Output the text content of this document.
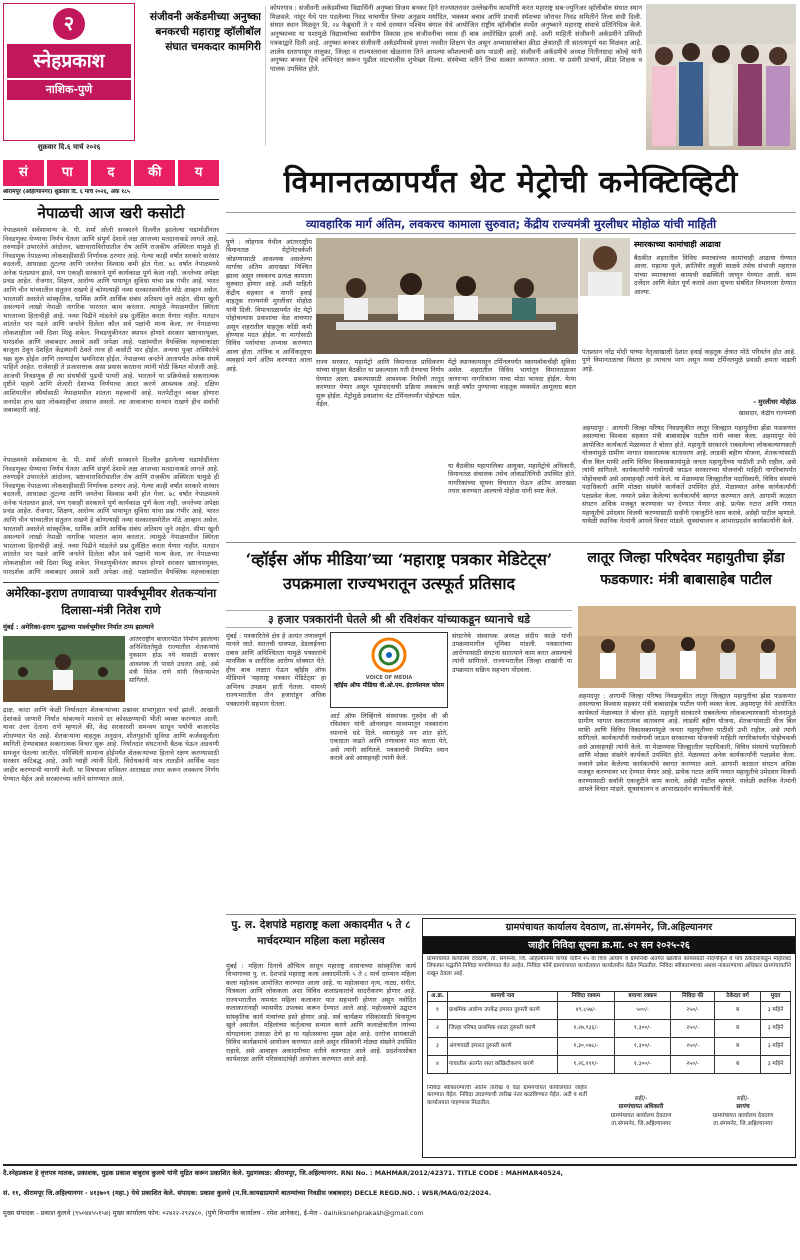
२
स्नेहप्रकाश
नाशिक-पुणे
शुक्रवार दि.६ मार्च २०२६
संजीवनी अकॅडमीच्या अनुष्का बनकरची महाराष्ट्र व्हॉलीबॉल संघात चमकदार कामगिरी
कोपरगाव : संजीवनी अकॅडमीच्या विद्यार्थिनी अनुष्का विजय बनकर हिने राज्यस्तरावर उल्लेखनीय कामगिरी करत महाराष्ट्र सब-ज्युनिअर व्हॉलीबॉल संघात स्थान मिळवले. नांदूर येथे पार पडलेल्या निवड चाचणीत तिच्या अनुक्रम मर्यादित, भक्कम बचाव आणि प्रभावी स्मॅशच्या जोरावर निवड समितीने तिला संधी दिली. संघात स्थान मिळवून दि. २४ फेब्रुवारी ते १ मार्च दरम्यान पश्चिम बंगाल येथे आयोजित राष्ट्रीय व्हॉलीबॉल स्पर्धेत अनुष्काने महाराष्ट्र संघाचे प्रतिनिधित्व केले. अनुष्काच्या या यशामुळे विद्यार्थ्यांच्या सर्वांगीण विकास हाच संजीवनीचा ध्यास ही बाब अधोरेखित झाली आहे. अशी माहिती संजीवनी अकॅडमीने प्रसिध्दी पत्रकाद्वारे दिली आहे. अनुष्का बनकर संजीवनी अकॅडमीमध्ये इयत्ता नववीत शिक्षण घेत असून अभ्यासासोबत क्रीडा क्षेत्रातही ती सातत्यपूर्ण यश मिळवत आहे. शालेय स्तरापासून तालुका, जिल्हा व राज्यस्तरावर खेळताना तिने आपल्या कौशल्याची छाप पाडली आहे. संजीवनी अकॅडमीचे अध्यक्ष नितीनदादा कोल्हे यांनी अनुष्का बनकर हिचे अभिनंदन करून पुढील वाटचालीस शुभेच्छा दिल्या. संस्थेच्या वतीने तिचा सत्कार करण्यात आला. या प्रसंगी प्राचार्य, क्रीडा शिक्षक व पालक उपस्थित होते.
सं	पा	द	की	य
श्रीरामपूर (अहिल्यानगर) शुक्रवार दि. ६ मार्च २०२६, अंक १८५
नेपाळची आज खरी कसोटी
नेपाळमध्ये सर्वसामान्य के. पी. शर्मा ओली सरकारने दिल्लीत झालेल्या घडामोडींनंतर निवडणुका घेण्याचा निर्णय घेतला आणि संपूर्ण देशाचे लक्ष आजच्या मतदानाकडे लागले आहे. तरुणाईने उभारलेले आंदोलन, भ्रष्टाचाराविरोधातील रोष आणि राजकीय अस्थिरता यामुळे ही निवडणूक नेपाळच्या लोकशाहीसाठी निर्णायक ठरणार आहे. गेल्या काही वर्षांत सरकारे वारंवार बदलली, आघाड्या तुटल्या आणि जनतेचा विश्वास कमी होत गेला. ७८ वर्षांत नेपाळमध्ये अनेक पंतप्रधान झाले, पण एकाही सरकारने पूर्ण कार्यकाळ पूर्ण केला नाही. जनतेच्या अपेक्षा प्रचंड आहेत. रोजगार, शिक्षण, आरोग्य आणि पायाभूत सुविधा यांचा प्रश्न गंभीर आहे. भारत आणि चीन यांच्यातील संतुलन राखणे हे कोणत्याही नव्या सरकारसमोरील मोठे आव्हान असेल. भारताशी असलेले सांस्कृतिक, धार्मिक आणि आर्थिक संबंध अतिशय जुने आहेत. सीमा खुली असल्याने लाखो नेपाळी नागरिक भारतात काम करतात. त्यामुळे नेपाळमधील स्थिरता भारताच्या हिताचीही आहे. नव्या पिढीने मांडलेले प्रश्न दुर्लक्षित करता येणार नाहीत. मतदान शांततेत पार पडले आणि जनतेने दिलेला कौल सर्व पक्षांनी मान्य केला, तर नेपाळच्या लोकशाहीला नवी दिशा मिळू शकेल. निवडणुकीनंतर स्थापन होणारे सरकार भ्रष्टाचारमुक्त, पारदर्शक आणि जबाबदार असावे अशी अपेक्षा आहे. पक्षांमधील वैयक्तिक महत्त्वाकांक्षा बाजूला ठेवून देशहित केंद्रस्थानी ठेवले तरच ही कसोटी पार होईल. अन्यथा पुन्हा अस्थिरतेचे चक्र सुरू होईल आणि तरुणाईचा भ्रमनिरास होईल. नेपाळच्या जनतेने आतापर्यंत अनेक संघर्ष पाहिले आहेत. राजेशाही ते प्रजासत्ताक असा प्रवास करताना त्यांनी मोठी किंमत मोजली आहे. आजची निवडणूक ही त्या संघर्षाची पुढची पायरी आहे. भारताने या प्रक्रियेकडे सकारात्मक दृष्टीने पाहणे आणि शेजारी देशाच्या निर्णयाचा आदर करणे आवश्यक आहे. दक्षिण आशियातील स्थैर्यासाठी नेपाळमधील शांतता महत्त्वाची आहे. मतपेटीतून व्यक्त होणारा जनादेश हाच खरा लोकशाहीचा आवाज असतो. त्या आवाजाचा सन्मान राखणे हीच सर्वांची जबाबदारी आहे.
विमानतळापर्यंत थेट मेट्रोची कनेक्टिव्हिटी
व्यावहारिक मार्ग अंतिम, लवकरच कामाला सुरुवात; केंद्रीय राज्यमंत्री मुरलीधर मोहोळ यांची माहिती
पुणे : लोहगाव येथील आंतरराष्ट्रीय विमानतळ मेट्रोनेटवर्कशी जोडण्यासाठी आवश्यक असलेल्या मार्गाचा अंतिम आराखडा निश्चित झाला असून लवकरच प्रत्यक्ष कामाला सुरुवात होणार आहे. अशी माहिती केंद्रीय सहकार व नागरी हवाई वाहतूक राज्यमंत्री मुरलीधर मोहोळ यांनी दिली. विमानतळापर्यंत थेट मेट्रो पोहोचल्यास प्रवाशांचा वेळ वाचणार असून शहरातील वाहतूक कोंडी कमी होण्यास मदत होईल. या मार्गासाठी विविध पर्यायांचा अभ्यास करण्यात आला होता. तांत्रिक व आर्थिकदृष्ट्या व्यवहार्य मार्ग अंतिम करण्यात आला आहे.
राज्य सरकार, महामेट्रो आणि विमानतळ प्राधिकरण यांच्या संयुक्त बैठकीत या प्रकल्पाला गती देण्याचा निर्णय घेण्यात आला. प्रकल्पासाठी आवश्यक निधीची तरतूद करण्यात येणार असून भूसंपादनाची प्रक्रिया लवकरच सुरू होईल. मेट्रोमुळे प्रवाशांना थेट टर्मिनलपर्यंत पोहोचता येईल.
मेट्रो स्थानकापासून टर्मिनलपर्यंत स्कायवॉकचीही सुविधा असेल. शहरातील विविध भागांतून विमानतळावर जाणाऱ्या नागरिकांना याचा मोठा फायदा होईल. येत्या काही वर्षांत पुण्याच्या वाहतूक व्यवस्थेत आमूलाग्र बदल घडेल.
या बैठकीस महापालिका आयुक्त, महामेट्रोचे अधिकारी, विमानतळ संचालक तसेच लोकप्रतिनिधी उपस्थित होते. नागरिकांच्या सूचना विचारात घेऊन अंतिम आराखडा तयार करण्यात आल्याचे मोहोळ यांनी स्पष्ट केले.
स्मारकाच्या कामांचाही आढावा
बैठकीत शहरातील विविध स्मारकांच्या कामांचाही आढावा घेण्यात आला. महात्मा फुले, क्रांतिवीर लहुजी साळवे तसेच संभाजी महाराज यांच्या स्मारकाच्या कामाची सद्यस्थिती जाणून घेण्यात आली. काम दर्जेदार आणि वेळेत पूर्ण करावे अशा सूचना संबंधित विभागाला देण्यात आल्या.
पंतप्रधान नरेंद्र मोदी यांच्या नेतृत्वाखाली देशात हवाई वाहतूक क्षेत्रात मोठे परिवर्तन होत आहे. पुणे विमानतळाचा विस्तार हा त्याचाच भाग असून नव्या टर्मिनलमुळे प्रवासी क्षमता वाढली आहे.
- मुरलीधर मोहोळ
खासदार, केंद्रीय राज्यमंत्री
अहमदपूर : आगामी जिल्हा परिषद निवडणुकीत लातूर जिल्ह्यात महायुतीचा झेंडा फडकणार असल्याचा विश्वास सहकार मंत्री बाबासाहेब पाटील यांनी व्यक्त केला. अहमदपूर येथे आयोजित कार्यकर्ता मेळाव्यात ते बोलत होते. महायुती सरकारने राबवलेल्या लोककल्याणकारी योजनांमुळे ग्रामीण भागात सकारात्मक वातावरण आहे. लाडकी बहीण योजना, शेतकऱ्यांसाठी वीज बिल माफी आणि विविध विकासकामांमुळे जनता महायुतीच्या पाठीशी उभी राहील, असे त्यांनी सांगितले. कार्यकर्त्यांनी गावोगावी जाऊन सरकारच्या योजनांची माहिती नागरिकांपर्यंत पोहोचवावी असे आवाहनही त्यांनी केले. या मेळाव्यास जिल्ह्यातील पदाधिकारी, विविध संस्थांचे पदाधिकारी आणि मोठ्या संख्येने कार्यकर्ते उपस्थित होते. मेळाव्यात अनेक कार्यकर्त्यांनी पक्षप्रवेश केला. नव्याने प्रवेश केलेल्या कार्यकर्त्यांचे स्वागत करण्यात आले. आगामी काळात संघटन अधिक मजबूत करण्यावर भर देण्यात येणार आहे. प्रत्येक गटात आणि गणात महायुतीचे उमेदवार विजयी करण्यासाठी सर्वांनी एकजुटीने काम करावे, असेही पाटील म्हणाले. यावेळी स्थानिक नेत्यांनी आपले विचार मांडले. सूत्रसंचालन व आभारप्रदर्शन कार्यकर्त्यांनी केले.
‘व्हॉईस ऑफ मीडिया’च्या ‘महाराष्ट्र पत्रकार मेडिटेट्स’ उपक्रमाला राज्यभरातून उत्स्फूर्त प्रतिसाद
३ हजार पत्रकारांनी घेतले श्री श्री रविशंकर यांच्याकडून ध्यानाचे धडे
मुंबई : पत्रकारितेचे क्षेत्र हे अत्यंत तणावपूर्ण मानले जाते. सततची धावपळ, डेडलाईनचा दबाव आणि अनिश्चितता यामुळे पत्रकारांचे मानसिक व शारीरिक आरोग्य धोक्यात येते. हीच बाब लक्षात घेऊन व्हॉईस ऑफ मीडियाने ‘महाराष्ट्र पत्रकार मेडिटेट्स’ हा अभिनव उपक्रम हाती घेतला. यामध्ये राज्यभरातील तीन हजारांहून अधिक पत्रकारांनी सहभाग घेतला.
VOICE OF MEDIA
व्हॉईस ऑफ मीडिया वी.ओ.एम. इंटरनॅशनल फोरम
आर्ट ऑफ लिव्हिंगचे संस्थापक गुरुदेव श्री श्री रविशंकर यांनी ऑनलाइन माध्यमातून पत्रकारांना ध्यानाचे धडे दिले. ध्यानामुळे मन शांत होते, एकाग्रता वाढते आणि तणावावर मात करता येते, असे त्यांनी सांगितले. पत्रकारांनी नियमित ध्यान करावे असे आवाहनही त्यांनी केले.
संघटनेचे संस्थापक अध्यक्ष संदीप काळे यांनी उपक्रमामागील भूमिका मांडली. पत्रकारांच्या आरोग्यासाठी संघटना सातत्याने काम करत असल्याचे त्यांनी सांगितले. राज्यभरातील जिल्हा शाखांनी या उपक्रमात सक्रिय सहभाग नोंदवला.
लातूर जिल्हा परिषदेवर महायुतीचा झेंडा फडकणार: मंत्री बाबासाहेब पाटील
अहमदपूर : आगामी जिल्हा परिषद निवडणुकीत लातूर जिल्ह्यात महायुतीचा झेंडा फडकणार असल्याचा विश्वास सहकार मंत्री बाबासाहेब पाटील यांनी व्यक्त केला. अहमदपूर येथे आयोजित कार्यकर्ता मेळाव्यात ते बोलत होते. महायुती सरकारने राबवलेल्या लोककल्याणकारी योजनांमुळे ग्रामीण भागात सकारात्मक वातावरण आहे. लाडकी बहीण योजना, शेतकऱ्यांसाठी वीज बिल माफी आणि विविध विकासकामांमुळे जनता महायुतीच्या पाठीशी उभी राहील, असे त्यांनी सांगितले. कार्यकर्त्यांनी गावोगावी जाऊन सरकारच्या योजनांची माहिती नागरिकांपर्यंत पोहोचवावी असे आवाहनही त्यांनी केले. या मेळाव्यास जिल्ह्यातील पदाधिकारी, विविध संस्थांचे पदाधिकारी आणि मोठ्या संख्येने कार्यकर्ते उपस्थित होते. मेळाव्यात अनेक कार्यकर्त्यांनी पक्षप्रवेश केला. नव्याने प्रवेश केलेल्या कार्यकर्त्यांचे स्वागत करण्यात आले. आगामी काळात संघटन अधिक मजबूत करण्यावर भर देण्यात येणार आहे. प्रत्येक गटात आणि गणात महायुतीचे उमेदवार विजयी करण्यासाठी सर्वांनी एकजुटीने काम करावे, असेही पाटील म्हणाले. यावेळी स्थानिक नेत्यांनी आपले विचार मांडले. सूत्रसंचालन व आभारप्रदर्शन कार्यकर्त्यांनी केले.
नेपाळमध्ये सर्वसामान्य के. पी. शर्मा ओली सरकारने दिल्लीत झालेल्या घडामोडींनंतर निवडणुका घेण्याचा निर्णय घेतला आणि संपूर्ण देशाचे लक्ष आजच्या मतदानाकडे लागले आहे. तरुणाईने उभारलेले आंदोलन, भ्रष्टाचाराविरोधातील रोष आणि राजकीय अस्थिरता यामुळे ही निवडणूक नेपाळच्या लोकशाहीसाठी निर्णायक ठरणार आहे. गेल्या काही वर्षांत सरकारे वारंवार बदलली, आघाड्या तुटल्या आणि जनतेचा विश्वास कमी होत गेला. ७८ वर्षांत नेपाळमध्ये अनेक पंतप्रधान झाले, पण एकाही सरकारने पूर्ण कार्यकाळ पूर्ण केला नाही. जनतेच्या अपेक्षा प्रचंड आहेत. रोजगार, शिक्षण, आरोग्य आणि पायाभूत सुविधा यांचा प्रश्न गंभीर आहे. भारत आणि चीन यांच्यातील संतुलन राखणे हे कोणत्याही नव्या सरकारसमोरील मोठे आव्हान असेल. भारताशी असलेले सांस्कृतिक, धार्मिक आणि आर्थिक संबंध अतिशय जुने आहेत. सीमा खुली असल्याने लाखो नेपाळी नागरिक भारतात काम करतात. त्यामुळे नेपाळमधील स्थिरता भारताच्या हिताचीही आहे. नव्या पिढीने मांडलेले प्रश्न दुर्लक्षित करता येणार नाहीत. मतदान शांततेत पार पडले आणि जनतेने दिलेला कौल सर्व पक्षांनी मान्य केला, तर नेपाळच्या लोकशाहीला नवी दिशा मिळू शकेल. निवडणुकीनंतर स्थापन होणारे सरकार भ्रष्टाचारमुक्त, पारदर्शक आणि जबाबदार असावे अशी अपेक्षा आहे. पक्षांमधील वैयक्तिक महत्त्वाकांक्षा
अमेरिका-इराण तणावाच्या पार्श्वभूमीवर शेतकऱ्यांना दिलासा-मंत्री नितेश राणे
मुंबई : अमेरिका-इराण युद्धाच्या पार्श्वभूमीवर निर्यात ठप्प झाल्याने
आंतरराष्ट्रीय बाजारपेठेत निर्माण झालेल्या अनिश्चिततेमुळे राज्यातील शेतकऱ्यांचे नुकसान होऊ नये यासाठी सरकार आवश्यक ती पावले उचलत आहे, असे मंत्री नितेश राणे यांनी विधानसभेत सांगितले.
द्राक्ष, कांदा आणि केळी निर्यातदार शेतकऱ्यांच्या प्रश्नावर सभागृहात चर्चा झाली. आखाती देशांकडे जाणारी निर्यात थांबल्याने मालाचे दर कोसळण्याची भीती व्यक्त करण्यात आली. यावर उत्तर देताना राणे म्हणाले की, केंद्र सरकारशी समन्वय साधून पर्यायी बाजारपेठ शोधण्यात येत आहे. शेतकऱ्यांना वाहतूक अनुदान, शीतगृहांची सुविधा आणि कर्जवसुलीला स्थगिती देण्याबाबत सकारात्मक विचार सुरू आहे. निर्यातदार संघटनांची बैठक घेऊन अडचणी समजून घेतल्या जातील. परिस्थिती सामान्य होईपर्यंत शेतकऱ्यांच्या हिताचे रक्षण करण्यासाठी सरकार कटिबद्ध आहे, अशी ग्वाही त्यांनी दिली. विरोधकांनी मात्र तातडीने आर्थिक मदत जाहीर करण्याची मागणी केली. या विषयावर सविस्तर आराखडा तयार करून लवकरच निर्णय घेण्यात येईल असे सरकारच्या वतीने सांगण्यात आले.
पु. ल. देशपांडे महाराष्ट्र कला अकादमीत ५ ते ८ मार्चदरम्यान महिला कला महोत्सव
मुंबई : महिला दिनाचे औचित्य साधून महाराष्ट्र शासनाच्या सांस्कृतिक कार्य विभागाच्या पु. ल. देशपांडे महाराष्ट्र कला अकादमीतर्फे ५ ते ८ मार्च दरम्यान महिला कला महोत्सव आयोजित करण्यात आला आहे. या महोत्सवात नृत्य, नाट्य, संगीत, चित्रकला आणि लोककला अशा विविध कलाप्रकारांचे सादरीकरण होणार आहे. राज्यभरातील नामवंत महिला कलाकार यात सहभागी होणार असून नवोदित कलाकारांनाही व्यासपीठ उपलब्ध करून देण्यात आले आहे. महोत्सवाचे उद्घाटन सांस्कृतिक कार्य मंत्र्यांच्या हस्ते होणार आहे. सर्व कार्यक्रम रसिकांसाठी विनामूल्य खुले असतील. महिलांच्या कर्तृत्वाचा सन्मान करणे आणि कलाक्षेत्रातील त्यांच्या योगदानाला उजाळा देणे हा या महोत्सवाचा मुख्य उद्देश आहे. दररोज सायंकाळी विविध कार्यक्रमांचे आयोजन करण्यात आले असून रसिकांनी मोठ्या संख्येने उपस्थित राहावे, असे आवाहन अकादमीच्या वतीने करण्यात आले आहे. प्रदर्शनासोबत कार्यशाळा आणि परिसंवादांचेही आयोजन करण्यात आले आहे.
ग्रामपंचायत कार्यालय देवठाण, ता.संगमनेर, जि.अहिल्यानगर
जाहीर निविदा सूचना क्र.मा. ०२ सन २०२५-२६
ग्रामपंचायत कार्यालय देवठाण, ता. संगमनेर, जि. अहिल्यानगर यांच्या वतीने १५ वा वित्त आयोग व ग्रामनिधी अंतर्गत खालील कामांसाठी नोंदणीकृत व पात्र ठेकेदारांकडून मोहोरबंद लिफाफा पद्धतीने निविदा मागविण्यात येत आहेत. निविदा फॉर्म ग्रामपंचायत कार्यालयात कार्यालयीन वेळेत मिळतील. निविदा स्वीकारण्याचा अथवा नाकारण्याचा अधिकार ग्रामपंचायतीने राखून ठेवला आहे.
अ.क्र.	कामाचे नाव	निविदा रक्कम	बयाणा रक्कम	निविदा फी	ठेकेदार वर्ग	मुदत
१	प्राथमिक आरोग्य उपकेंद्र इमारत दुरुस्ती करणे	४९,८५७/-	५००/-	२५०/-	ब	३ महिने
२	जिल्हा परिषद प्राथमिक शाळा दुरुस्ती करणे	१,२७,९३६/-	१,३००/-	२५०/-	ब	३ महिने
३	अंगणवाडी इमारत दुरुस्ती करणे	१,३०,०७८/-	१,३००/-	२५०/-	ब	३ महिने
४	गावातील अंतर्गत रस्ता काँक्रिटीकरण करणे	१,२६,१११/-	१,३००/-	२५०/-	ब	३ महिने
निविदा स्वीकारण्याची अंतिम तारीख व वेळ ग्रामपंचायत कार्यालयात जाहीर करण्यात येईल. निविदा उघडण्याची तारीख नंतर कळविण्यात येईल. अटी व शर्ती कार्यालयात पाहण्यास मिळतील.
सही/-
ग्रामपंचायत अधिकारी
ग्रामपंचायत कार्यालय देवठाण
ता.संगमनेर, जि.अहिल्यानगर
सही/-
सरपंच
ग्रामपंचायत कार्यालय देवठाण
ता.संगमनेर, जि.अहिल्यानगर
दै.स्नेहप्रकाश हे वृत्तपत्र मालक, प्रकाशक, मुद्रक प्रकाश बाबुराव कुलथे यांनी मुद्रित करून प्रकाशित केले. मुद्रणस्थळ: श्रीरामपूर, जि.अहिल्यानगर. RNI No. : MAHMAR/2012/42371. TITLE CODE : MAHMAR40524,
सं. ११, श्रीरामपूर जि.अहिल्यानगर - ४१३७०९ (महा.) येथे प्रकाशित केले. संपादक: प्रकाश कुलथे (म.वि.कायद्याप्रमाणे बातम्यांच्या निवडीस जबाबदार) DECLE REGD.NO. : WSR/MAG/02/2024.
मुख्य संपादक - प्रकाश कुलथे (९५०४४५५१५४) मुख्य कार्यालय फोन: ०२४२२-२९२४८०, (पुणे विभागीय कार्यालय - रमेश आनेकर), ई-मेल - dainiksnehprakash@gmail.com
